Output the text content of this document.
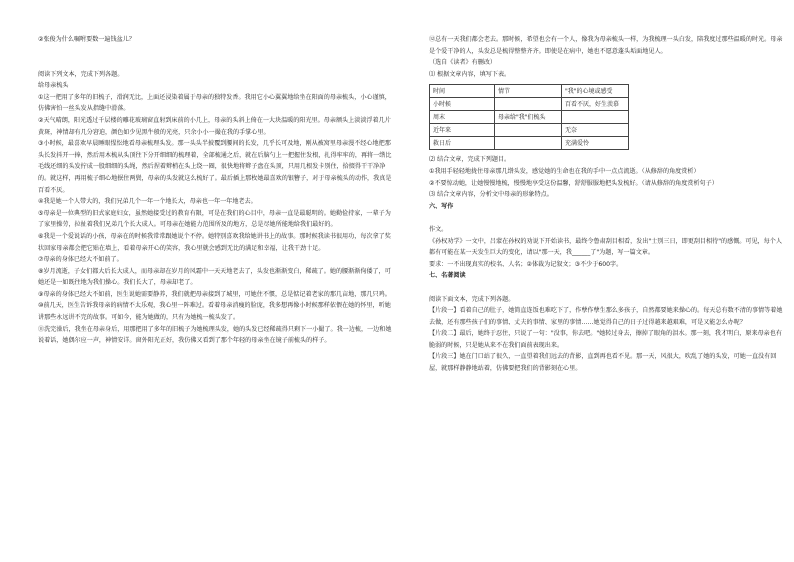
②张俊为什么嘱咐要数一遍钱盆儿？
阅读下列文本，完成下列各题。
给母亲梳头
①这一把用了多年的旧梳子，滑润无比，上面还浸染着属于母亲的独特发香。我用它小心翼翼地给坐在阳面的母亲梳头，小心谨慎，仿佛害怕一丝头发从指缝中滑落。
②天气晴朗，阳光透过千层楼的雕花玻璃窗直射到床前的小几上，母亲的头斜上倚在一大块温暖的阳光里。母亲额头上淡淡浮着几片黄斑，神情却有几分窘迫，颜色如少见黑牛般的光亮，只余小小一撮在我的手掌心里。
③小时候，最喜欢早晨睡眼惺忪地看母亲梳理头发。那一头头半披覆到腰间的长发，几乎长可及地，刚从被窝里母亲漫不经心地把那头长发抖开一捧，然后用木梳从头顶往下分开细细的梳理着，全部梳通之后，就在后脑勺上一把握住发根，扎得牢牢的，再将一绺比毛线还细的头发拧成一股细细的头绳，然后捏着辫梢在头上绕一圈，很快地将辫子盘在头顶，只用几根发卡别住，拾掇得干干净净的。就这样，再用梳子细心地抿住两鬓，母亲的头发就这么梳好了。最后插上那枚她最喜欢的银簪子，对于母亲梳头的动作，我真是百看不厌。
④我是她一个人带大的，我们兄弟几个一年一个地长大，母亲也一年一年地老去。
⑤母亲是一位典型的旧式家庭妇女，虽然她接受过的教育有限，可是在我们的心目中，母亲一直是最聪明的。她勤俭持家，一辈子为了家里操劳，拉扯着我们兄弟几个长大成人。可母亲在她能力范围所及的地方，总是尽她所能地给我们最好的。
⑥我是一个爱说话的小孩，母亲在的时候我常常跟她说个不停。她特别喜欢我给她讲书上的故事。那时候我读书很用功，每次拿了奖状回家母亲都会把它贴在墙上，看着母亲开心的笑容，我心里就会感到无比的满足和幸福，让我干劲十足。
⑦母亲的身体已经大不如前了。
⑧岁月流逝，子女们都大后长大成人，而母亲却在岁月的风霜中一天天地老去了，头发也渐渐变白，稀疏了。她的腰渐渐佝偻了，可她还是一如既往地为我们操心。我们长大了，母亲却老了。
⑨母亲的身体已经大不如前，医生说她需要静养，我们就把母亲接到了城里，可她住不惯，总是惦记着老家的那几亩地，那几只鸡。
⑩前几天，医生告诉我母亲的病情不太乐观，我心里一阵难过。看着母亲消瘦的脸庞，我多想再像小时候那样依偎在她的怀里，听她讲那些永远讲不完的故事。可如今，能为她做的，只有为她梳一梳头发了。
⑪洗完澡后，我坐在母亲身后，用那把用了多年的旧梳子为她梳理头发，她的头发已经稀疏得只剩下一小撮了。我一边梳，一边和她说着话，她偶尔应一声，神情安详。窗外阳光正好，我仿佛又看到了那个年轻的母亲坐在镜子前梳头的样子。
⑫总有一天我们都会老去。那时候，希望也会有一个人，像我为母亲梳头一样，为我梳理一头白发，陪我度过那些温暖的时光。母亲是个爱干净的人，头发总是梳得整整齐齐。即使是在病中，她也不愿意蓬头垢面地见人。
（选自《读者》有删改）
⑴ 根据文章内容，填写下表。
时间	情节	"我"的心境或感受
小时候		百看不厌，好生羡慕
周末	母亲给"我"们梳头	
近年来		无奈
救日后		充满爱怜
⑵ 结合文章，完成下列题目。
①我用手轻轻地拢住母亲那几绺头发，感觉她的生命也在我的手中一点点流逝。（从修辞的角度赏析）
②不要惊动她，让她慢慢地梳，慢慢地享受这份温馨，舒舒服服地把头发梳好。（请从修辞的角度赏析句子）
⑶ 结合文章内容，分析文中母亲的形象特点。
六、写作
作文。
《孙权劝学》一文中，吕蒙在孙权的劝说下开始读书，最终令鲁肃刮目相看，发出"士别三日，即更刮目相待"的感慨。可见，每个人都有可能在某一天发生巨大的变化，请以"那一天，我______了"为题，写一篇文章。
要求：一不出现真实的校名、人名；②体裁为记叙文；③不少于600字。
七、名著阅读
阅读下面文本，完成下列各题。
【片段一】看着自己的肚子，她简直连饭也难吃下了，作孽作孽生那么多孩子，自然都要她来操心的。每天总有数不清的事情等着她去做，还有那些孩子们的事情、丈夫的事情、家里的事情……她觉得自己的日子过得越来越艰难，可是又能怎么办呢？
【片段二】最后，她终于忍住，只说了一句："没事，你去吧。"她转过身去，擦掉了眼角的泪水。那一刻，我才明白，原来母亲也有脆弱的时候，只是她从来不在我们面前表现出来。
【片段三】她在门口站了很久，一直望着我们远去的背影，直到再也看不见。那一天，风很大，吹乱了她的头发，可她一直没有回屋，就那样静静地站着，仿佛要把我们的背影刻在心里。
